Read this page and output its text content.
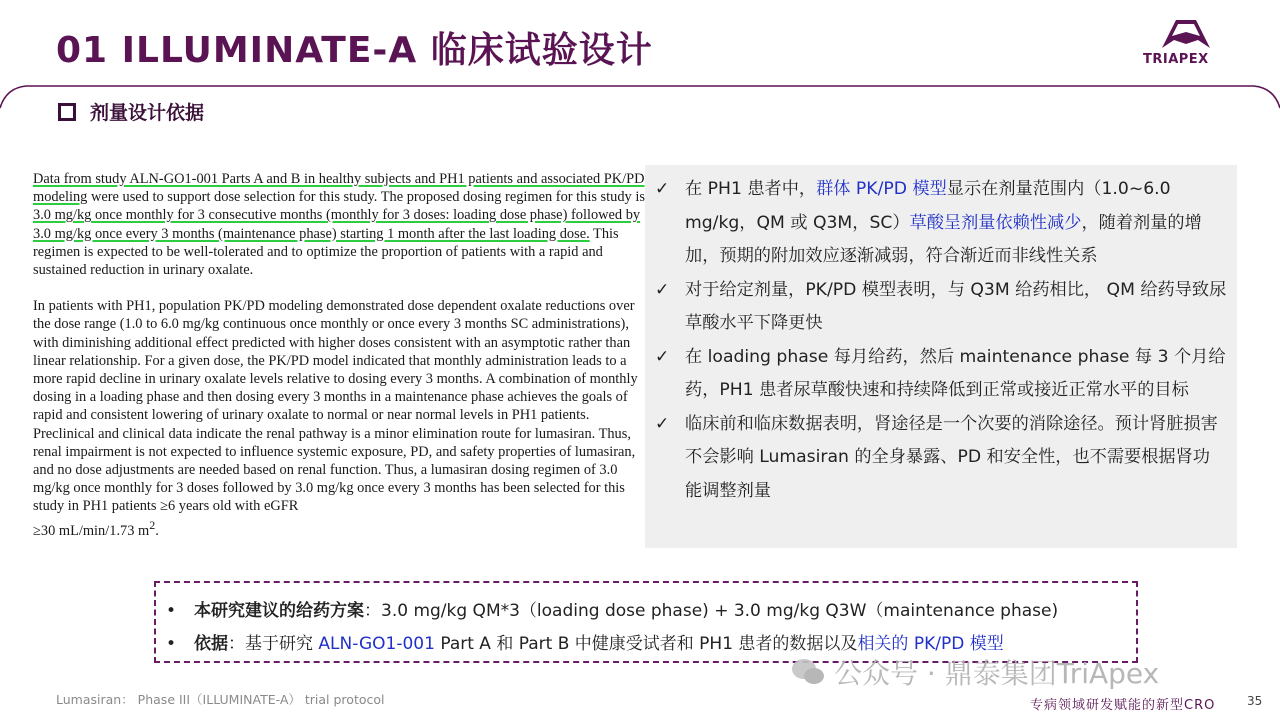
01 ILLUMINATE-A 临床试验设计	TRIAPEX
剂量设计依据

Data from study ALN-GO1-001 Parts A and B in healthy subjects and PH1 patients and associated PK/PD modeling were used to support dose selection for this study. The proposed dosing regimen for this study is 3.0 mg/kg once monthly for 3 consecutive months (monthly for 3 doses: loading dose phase) followed by 3.0 mg/kg once every 3 months (maintenance phase) starting 1 month after the last loading dose. This regimen is expected to be well-tolerated and to optimize the proportion of patients with a rapid and sustained reduction in urinary oxalate.

In patients with PH1, population PK/PD modeling demonstrated dose dependent oxalate reductions over the dose range (1.0 to 6.0 mg/kg continuous once monthly or once every 3 months SC administrations), with diminishing additional effect predicted with higher doses consistent with an asymptotic rather than linear relationship. For a given dose, the PK/PD model indicated that monthly administration leads to a more rapid decline in urinary oxalate levels relative to dosing every 3 months. A combination of monthly dosing in a loading phase and then dosing every 3 months in a maintenance phase achieves the goals of rapid and consistent lowering of urinary oxalate to normal or near normal levels in PH1 patients. Preclinical and clinical data indicate the renal pathway is a minor elimination route for lumasiran. Thus, renal impairment is not expected to influence systemic exposure, PD, and safety properties of lumasiran, and no dose adjustments are needed based on renal function. Thus, a lumasiran dosing regimen of 3.0 mg/kg once monthly for 3 doses followed by 3.0 mg/kg once every 3 months has been selected for this study in PH1 patients ≥6 years old with eGFR
≥30 mL/min/1.73 $m^2$.

✓ 在 PH1 患者中，群体 PK/PD 模型显示在剂量范围内（1.0~6.0 mg/kg，QM 或 Q3M，SC）草酸呈剂量依赖性减少，随着剂量的增加，预期的附加效应逐渐减弱，符合渐近而非线性关系
✓ 对于给定剂量，PK/PD 模型表明，与 Q3M 给药相比， QM 给药导致尿草酸水平下降更快
✓ 在 loading phase 每月给药，然后 maintenance phase 每 3 个月给药，PH1 患者尿草酸快速和持续降低到正常或接近正常水平的目标
✓ 临床前和临床数据表明，肾途径是一个次要的消除途径。预计肾脏损害不会影响 Lumasiran 的全身暴露、PD 和安全性，也不需要根据肾功能调整剂量
• 本研究建议的给药方案：3.0 mg/kg QM*3（loading dose phase) + 3.0 mg/kg Q3W（maintenance phase)
• 依据：基于研究 ALN-GO1-001 Part A 和 Part B 中健康受试者和 PH1 患者的数据以及相关的 PK/PD 模型
公众号 · 鼎泰集团TriApex
Lumasiran： Phase III（ILLUMINATE-A） trial protocol	专病领域研发赋能的新型CRO	35
